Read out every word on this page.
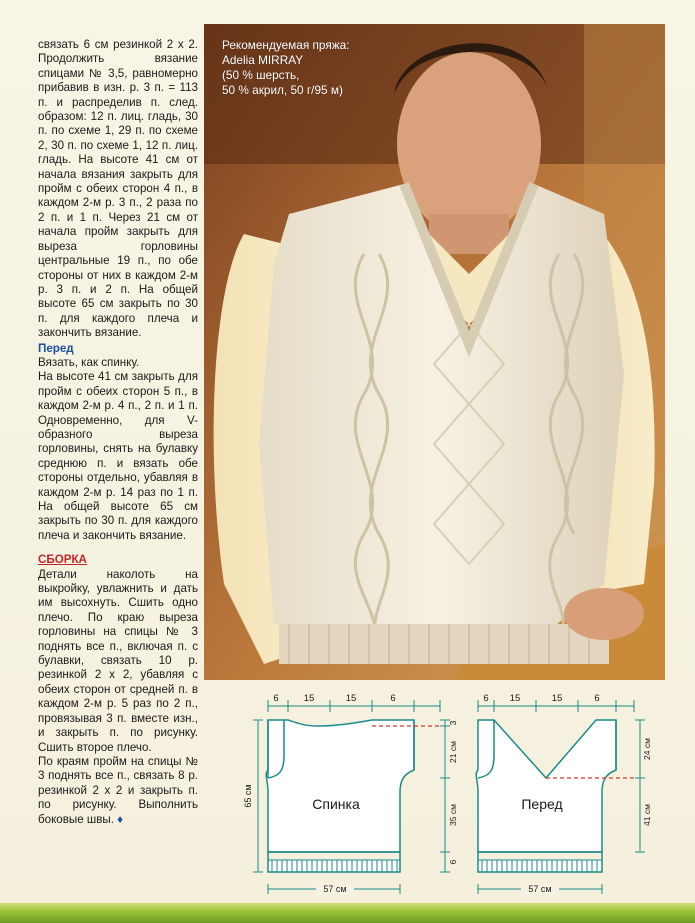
связать 6 см резинкой 2 х 2. Продолжить вязание спицами № 3,5, равномерно прибавив в изн. р. 3 п. = 113 п. и распределив п. след. образом: 12 п. лиц. гладь, 30 п. по схеме 1, 29 п. по схеме 2, 30 п. по схеме 1, 12 п. лиц. гладь. На высоте 41 см от начала вязания закрыть для пройм с обеих сторон 4 п., в каждом 2-м р. 3 п., 2 раза по 2 п. и 1 п. Через 21 см от начала пройм закрыть для выреза горловины центральные 19 п., по обе стороны от них в каждом 2-м р. 3 п. и 2 п. На общей высоте 65 см закрыть по 30 п. для каждого плеча и закончить вязание.

Перед

Вязать, как спинку.

На высоте 41 см закрыть для пройм с обеих сторон 5 п., в каждом 2-м р. 4 п., 2 п. и 1 п. Одновременно, для V-образного выреза горловины, снять на булавку среднюю п. и вязать обе стороны отдельно, убавляя в каждом 2-м р. 14 раз по 1 п. На общей высоте 65 см закрыть по 30 п. для каждого плеча и закончить вязание.

СБОРКА

Детали наколоть на выкройку, увлажнить и дать им высохнуть. Сшить одно плечо. По краю выреза горловины на спицы № 3 поднять все п., включая п. с булавки, связать 10 р. резинкой 2 х 2, убавляя с обеих сторон от средней п. в каждом 2-м р. 5 раз по 2 п., провязывая 3 п. вместе изн., и закрыть п. по рисунку. Сшить второе плечо.

По краям пройм на спицы № 3 поднять все п., связать 8 р. резинкой 2 х 2 и закрыть п. по рисунку. Выполнить боковые швы. ♦

Рекомендуемая пряжа:
Adelia MIRRAY
(50 % шерсть,
50 % акрил, 50 г/95 м)
6	15	15	6
Спинка
65 см
3
21 см
35 см
6
57 см
6 15	15	6
Перед
24 см
41 см
57 см
